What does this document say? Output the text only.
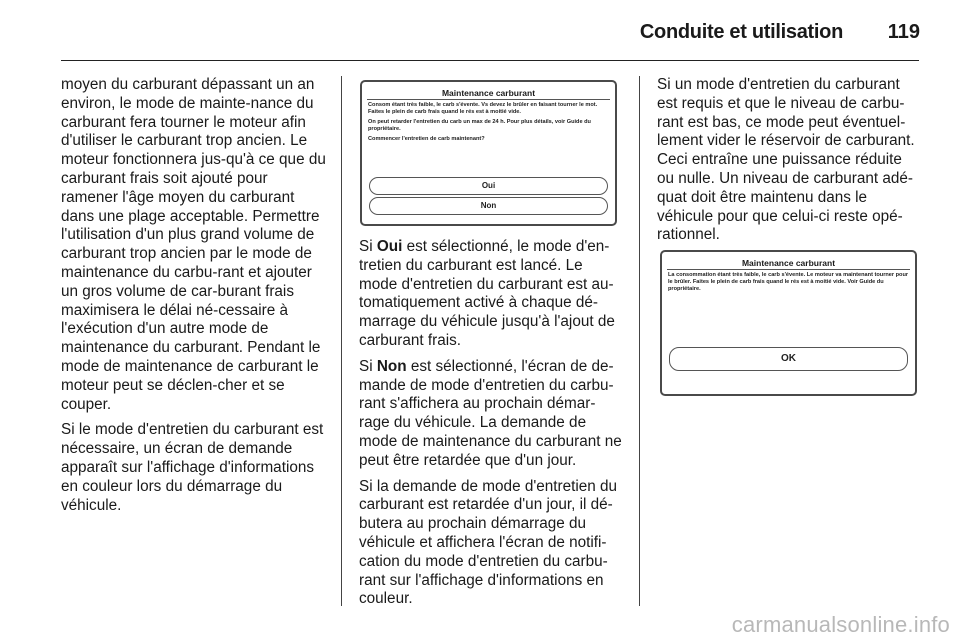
Conduite et utilisation 119

moyen du carburant dépassant un an environ, le mode de mainte-nance du carburant fera tourner le moteur afin d'utiliser le carburant trop ancien. Le moteur fonctionnera jus-qu'à ce que du carburant frais soit ajouté pour ramener l'âge moyen du carburant dans une plage acceptable. Permettre l'utilisation d'un plus grand volume de carburant trop ancien par le mode de maintenance du carbu-rant et ajouter un gros volume de car-burant frais maximisera le délai né-cessaire à l'exécution d'un autre mode de maintenance du carburant. Pendant le mode de maintenance de carburant le moteur peut se déclen-cher et se couper.

Si le mode d'entretien du carburant est nécessaire, un écran de demande apparaît sur l'affichage d'informations en couleur lors du démarrage du véhicule.

Si Oui est sélectionné, le mode d'en-tretien du carburant est lancé. Le mode d'entretien du carburant est au-tomatiquement activé à chaque dé-marrage du véhicule jusqu'à l'ajout de carburant frais.

Si Non est sélectionné, l'écran de de-mande de mode d'entretien du carbu-rant s'affichera au prochain démar-rage du véhicule. La demande de mode de maintenance du carburant ne peut être retardée que d'un jour.

Si la demande de mode d'entretien du carburant est retardée d'un jour, il dé-butera au prochain démarrage du véhicule et affichera l'écran de notifi-cation du mode d'entretien du carbu-rant sur l'affichage d'informations en couleur.

Maintenance carburant

Consom étant très faible, le carb s'évente. Vs devez le brûler en faisant tourner le mot. Faites le plein de carb frais quand le rés est à moitié vide.

On peut retarder l'entretien du carb un max de 24 h. Pour plus détails, voir Guide du propriétaire.

Commencer l'entretien de carb maintenant?

Oui
Non

Si un mode d'entretien du carburant est requis et que le niveau de carbu-rant est bas, ce mode peut éventuel-lement vider le réservoir de carburant. Ceci entraîne une puissance réduite ou nulle. Un niveau de carburant adé-quat doit être maintenu dans le véhicule pour que celui-ci reste opé-rationnel.

Maintenance carburant

La consommation étant très faible, le carb s'évente. Le moteur va maintenant tourner pour le brûler. Faites le plein de carb frais quand le rés est à moitié vide. Voir Guide du propriétaire.

OK
carmanualsonline.info
